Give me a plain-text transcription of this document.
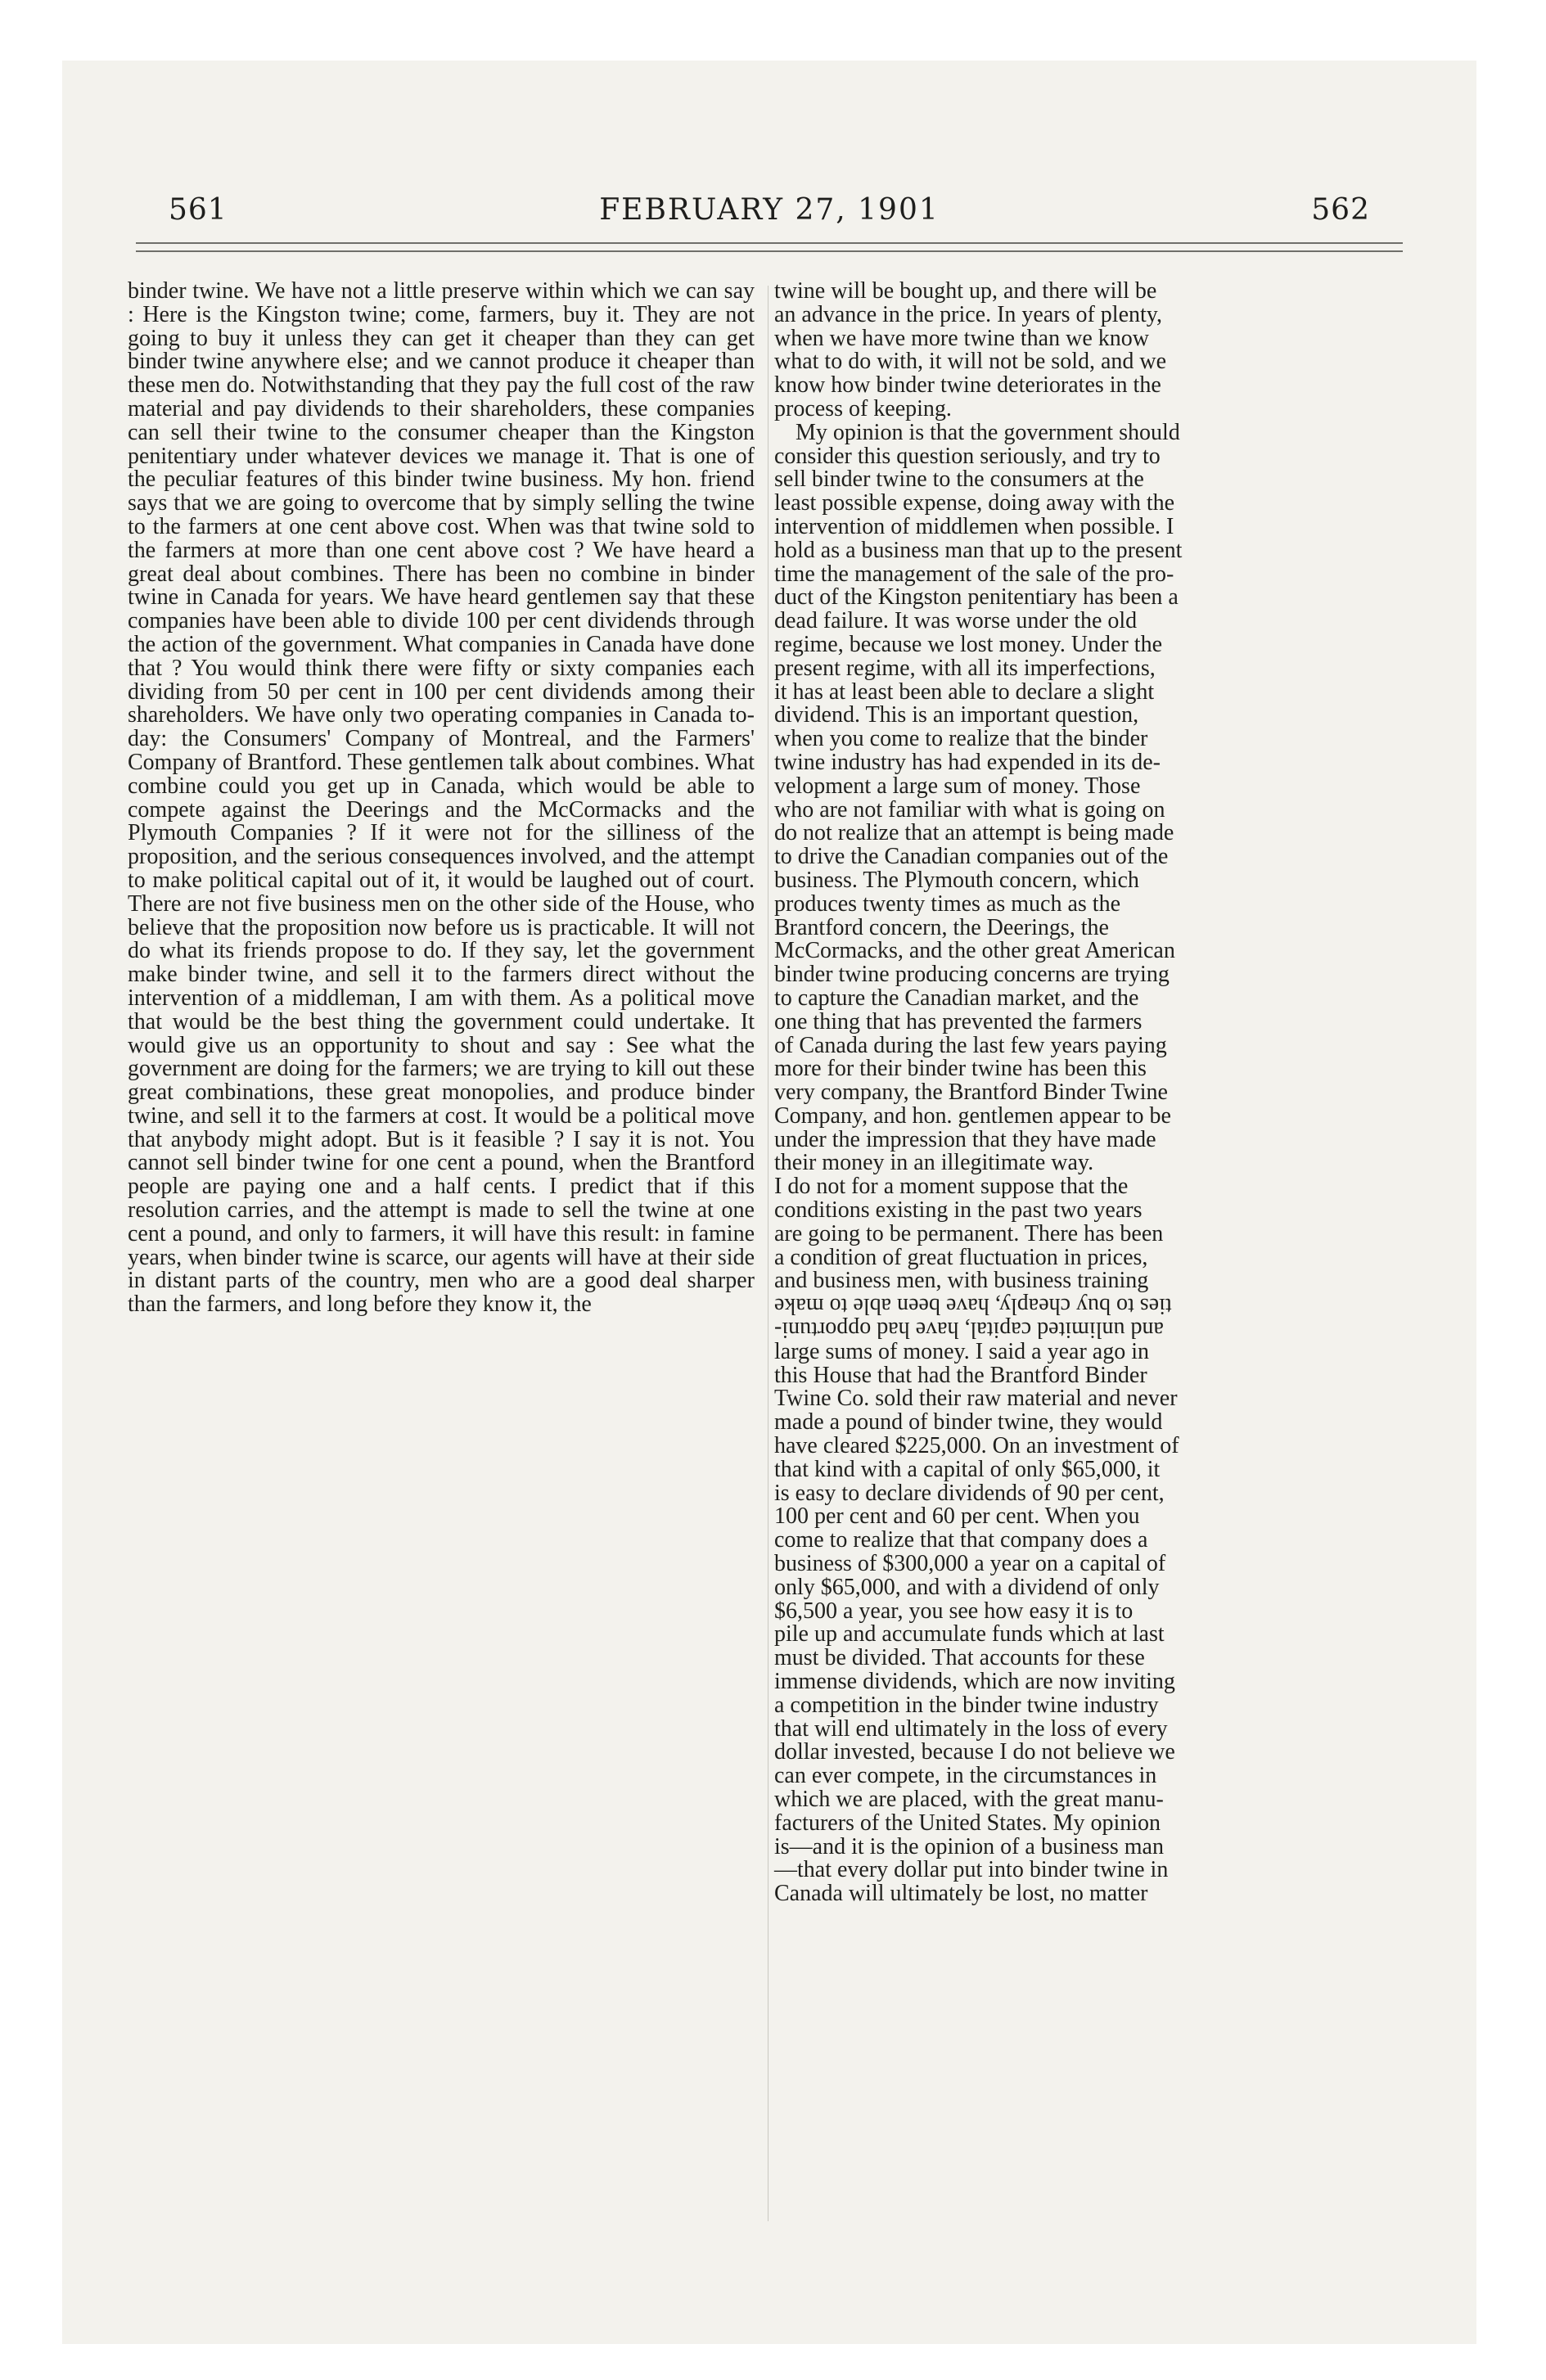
561	FEBRUARY 27, 1901	562

binder twine. We have not a little preserve within which we can say : Here is the Kingston twine; come, farmers, buy it. They are not going to buy it unless they can get it cheaper than they can get binder twine anywhere else; and we cannot produce it cheaper than these men do. Notwithstanding that they pay the full cost of the raw material and pay dividends to their shareholders, these companies can sell their twine to the consumer cheaper than the Kingston penitentiary under whatever devices we manage it. That is one of the peculiar features of this binder twine business. My hon. friend says that we are going to overcome that by simply selling the twine to the farmers at one cent above cost. When was that twine sold to the farmers at more than one cent above cost ? We have heard a great deal about combines. There has been no combine in binder twine in Canada for years. We have heard gentlemen say that these companies have been able to divide 100 per cent dividends through the action of the government. What companies in Canada have done that ? You would think there were fifty or sixty companies each dividing from 50 per cent in 100 per cent dividends among their shareholders. We have only two operating companies in Canada to-day: the Consumers' Company of Montreal, and the Farmers' Company of Brantford. These gentlemen talk about combines. What combine could you get up in Canada, which would be able to compete against the Deerings and the McCormacks and the Plymouth Companies ? If it were not for the silliness of the proposition, and the serious consequences involved, and the attempt to make political capital out of it, it would be laughed out of court. There are not five business men on the other side of the House, who believe that the proposition now before us is practicable. It will not do what its friends propose to do. If they say, let the government make binder twine, and sell it to the farmers direct without the intervention of a middleman, I am with them. As a political move that would be the best thing the government could undertake. It would give us an opportunity to shout and say : See what the government are doing for the farmers; we are trying to kill out these great combinations, these great monopolies, and produce binder twine, and sell it to the farmers at cost. It would be a political move that anybody might adopt. But is it feasible ? I say it is not. You cannot sell binder twine for one cent a pound, when the Brantford people are paying one and a half cents. I predict that if this resolution carries, and the attempt is made to sell the twine at one cent a pound, and only to farmers, it will have this result: in famine years, when binder twine is scarce, our agents will have at their side in distant parts of the country, men who are a good deal sharper than the farmers, and long before they know it, the

twine will be bought up, and there will be
an advance in the price. In years of plenty,
when we have more twine than we know
what to do with, it will not be sold, and we
know how binder twine deteriorates in the
process of keeping.
My opinion is that the government should
consider this question seriously, and try to
sell binder twine to the consumers at the
least possible expense, doing away with the
intervention of middlemen when possible. I
hold as a business man that up to the present
time the management of the sale of the pro-
duct of the Kingston penitentiary has been a
dead failure. It was worse under the old
regime, because we lost money. Under the
present regime, with all its imperfections,
it has at least been able to declare a slight
dividend. This is an important question,
when you come to realize that the binder
twine industry has had expended in its de-
velopment a large sum of money. Those
who are not familiar with what is going on
do not realize that an attempt is being made
to drive the Canadian companies out of the
business. The Plymouth concern, which
produces twenty times as much as the
Brantford concern, the Deerings, the
McCormacks, and the other great American
binder twine producing concerns are trying
to capture the Canadian market, and the
one thing that has prevented the farmers
of Canada during the last few years paying
more for their binder twine has been this
very company, the Brantford Binder Twine
Company, and hon. gentlemen appear to be
under the impression that they have made
their money in an illegitimate way.
I do not for a moment suppose that the
conditions existing in the past two years
are going to be permanent. There has been
a condition of great fluctuation in prices,
and business men, with business training
ties to buy cheaply, have been able to make
and unlimited capital, have had opportuni-
large sums of money. I said a year ago in
this House that had the Brantford Binder
Twine Co. sold their raw material and never
made a pound of binder twine, they would
have cleared $225,000. On an investment of
that kind with a capital of only $65,000, it
is easy to declare dividends of 90 per cent,
100 per cent and 60 per cent. When you
come to realize that that company does a
business of $300,000 a year on a capital of
only $65,000, and with a dividend of only
$6,500 a year, you see how easy it is to
pile up and accumulate funds which at last
must be divided. That accounts for these
immense dividends, which are now inviting
a competition in the binder twine industry
that will end ultimately in the loss of every
dollar invested, because I do not believe we
can ever compete, in the circumstances in
which we are placed, with the great manu-
facturers of the United States. My opinion
is—and it is the opinion of a business man
—that every dollar put into binder twine in
Canada will ultimately be lost, no matter
